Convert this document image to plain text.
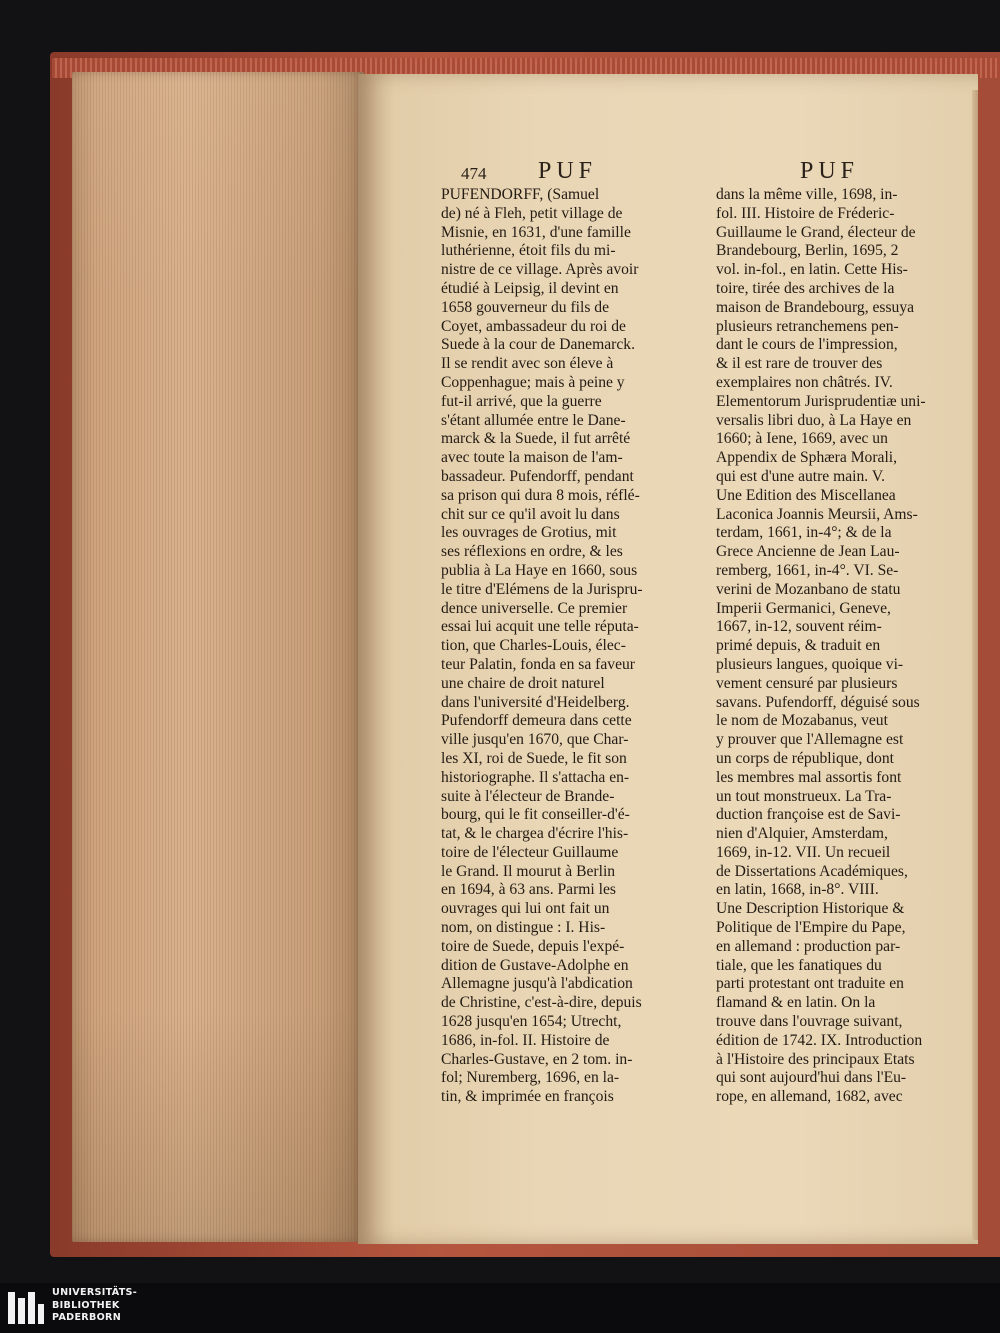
474 PUF	PUF
PUFENDORFF, (Samuel
de) né à Fleh, petit village de
Misnie, en 1631, d'une famille
luthérienne, étoit fils du mi-
nistre de ce village. Après avoir
étudié à Leipsig, il devint en
1658 gouverneur du fils de
Coyet, ambassadeur du roi de
Suede à la cour de Danemarck.
Il se rendit avec son éleve à
Coppenhague; mais à peine y
fut-il arrivé, que la guerre
s'étant allumée entre le Dane-
marck & la Suede, il fut arrêté
avec toute la maison de l'am-
bassadeur. Pufendorff, pendant
sa prison qui dura 8 mois, réflé-
chit sur ce qu'il avoit lu dans
les ouvrages de Grotius, mit
ses réflexions en ordre, & les
publia à La Haye en 1660, sous
le titre d'Elémens de la Jurispru-
dence universelle. Ce premier
essai lui acquit une telle réputa-
tion, que Charles-Louis, élec-
teur Palatin, fonda en sa faveur
une chaire de droit naturel
dans l'université d'Heidelberg.
Pufendorff demeura dans cette
ville jusqu'en 1670, que Char-
les XI, roi de Suede, le fit son
historiographe. Il s'attacha en-
suite à l'électeur de Brande-
bourg, qui le fit conseiller-d'é-
tat, & le chargea d'écrire l'his-
toire de l'électeur Guillaume
le Grand. Il mourut à Berlin
en 1694, à 63 ans. Parmi les
ouvrages qui lui ont fait un
nom, on distingue : I. His-
toire de Suede, depuis l'expé-
dition de Gustave-Adolphe en
Allemagne jusqu'à l'abdication
de Christine, c'est-à-dire, depuis
1628 jusqu'en 1654; Utrecht,
1686, in-fol. II. Histoire de
Charles-Gustave, en 2 tom. in-
fol; Nuremberg, 1696, en la-
tin, & imprimée en françois
dans la même ville, 1698, in-
fol. III. Histoire de Fréderic-
Guillaume le Grand, électeur de
Brandebourg, Berlin, 1695, 2
vol. in-fol., en latin. Cette His-
toire, tirée des archives de la
maison de Brandebourg, essuya
plusieurs retranchemens pen-
dant le cours de l'impression,
& il est rare de trouver des
exemplaires non châtrés. IV.
Elementorum Jurisprudentiæ uni-
versalis libri duo, à La Haye en
1660; à Iene, 1669, avec un
Appendix de Sphæra Morali,
qui est d'une autre main. V.
Une Edition des Miscellanea
Laconica Joannis Meursii, Ams-
terdam, 1661, in-4°; & de la
Grece Ancienne de Jean Lau-
remberg, 1661, in-4°. VI. Se-
verini de Mozanbano de statu
Imperii Germanici, Geneve,
1667, in-12, souvent réim-
primé depuis, & traduit en
plusieurs langues, quoique vi-
vement censuré par plusieurs
savans. Pufendorff, déguisé sous
le nom de Mozabanus, veut
y prouver que l'Allemagne est
un corps de république, dont
les membres mal assortis font
un tout monstrueux. La Tra-
duction françoise est de Savi-
nien d'Alquier, Amsterdam,
1669, in-12. VII. Un recueil
de Dissertations Académiques,
en latin, 1668, in-8°. VIII.
Une Description Historique &
Politique de l'Empire du Pape,
en allemand : production par-
tiale, que les fanatiques du
parti protestant ont traduite en
flamand & en latin. On la
trouve dans l'ouvrage suivant,
édition de 1742. IX. Introduction
à l'Histoire des principaux Etats
qui sont aujourd'hui dans l'Eu-
rope, en allemand, 1682, avec
UNIVERSITÄTS-
BIBLIOTHEK
PADERBORN
